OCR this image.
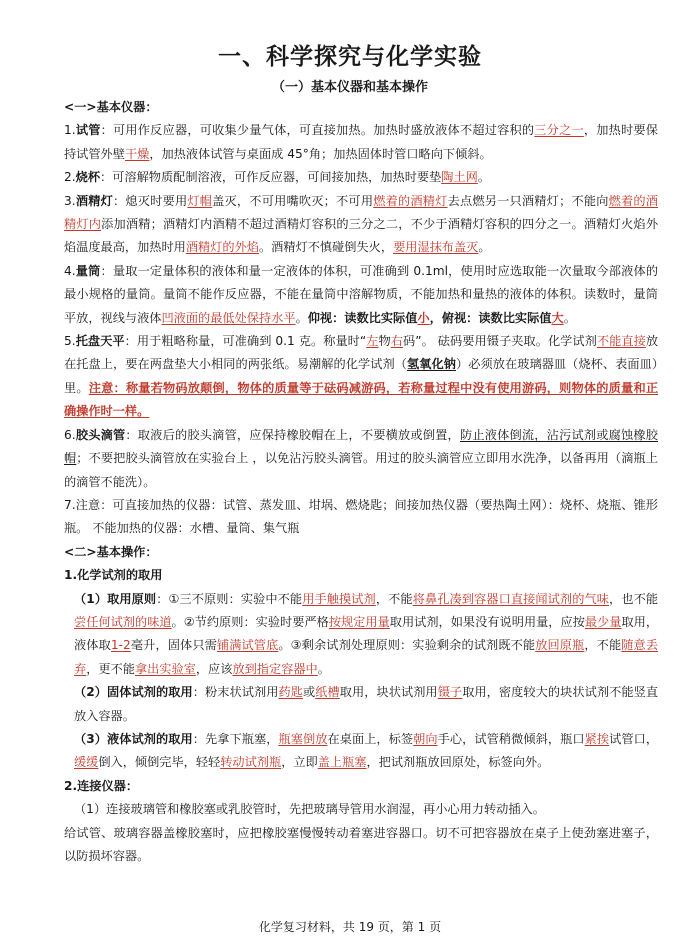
一、科学探究与化学实验
（一）基本仪器和基本操作

<一>基本仪器：

1.试管：可用作反应器，可收集少量气体，可直接加热。加热时盛放液体不超过容积的三分之一，加热时要保持试管外壁干燥，加热液体试管与桌面成 45°角；加热固体时管口略向下倾斜。

2.烧杯：可溶解物质配制溶液，可作反应器，可间接加热，加热时要垫陶土网。

3.酒精灯：熄灭时要用灯帽盖灭，不可用嘴吹灭；不可用燃着的酒精灯去点燃另一只酒精灯；不能向燃着的酒精灯内添加酒精；酒精灯内酒精不超过酒精灯容积的三分之二，不少于酒精灯容积的四分之一。酒精灯火焰外焰温度最高，加热时用酒精灯的外焰。酒精灯不慎碰倒失火，要用湿抹布盖灭。

4.量筒：量取一定量体积的液体和量一定液体的体积，可准确到 0.1ml，使用时应选取能一次量取今部液体的最小规格的量筒。量筒不能作反应器，不能在量筒中溶解物质，不能加热和量热的液体的体积。读数时，量筒平放，视线与液体凹液面的最低处保持水平。仰视：读数比实际值小，俯视：读数比实际值大。

5.托盘天平：用于粗略称量，可准确到 0.1 克。称量时“左物右码”。 砝码要用镊子夹取。化学试剂不能直接放在托盘上，要在两盘垫大小相同的两张纸。易潮解的化学试剂（氢氧化钠）必须放在玻璃器皿（烧杯、表面皿）里。注意：称量若物码放颠倒，物体的质量等于砝码减游码，若称量过程中没有使用游码，则物体的质量和正确操作时一样。

6.胶头滴管：取液后的胶头滴管，应保持橡胶帽在上，不要横放或倒置，防止液体倒流，沾污试剂或腐蚀橡胶帽；不要把胶头滴管放在实验台上 ，以免沾污胶头滴管。用过的胶头滴管应立即用水洗净，以备再用（滴瓶上的滴管不能洗）。

7.注意：可直接加热的仪器：试管、蒸发皿、坩埚、燃烧匙；间接加热仪器（要热陶土网）：烧杯、烧瓶、锥形瓶。 不能加热的仪器：水槽、量筒、集气瓶

<二>基本操作：

1.化学试剂的取用

（1）取用原则：①三不原则：实验中不能用手触摸试剂，不能将鼻孔凑到容器口直接闻试剂的气味，也不能尝任何试剂的味道。②节约原则：实验时要严格按规定用量取用试剂，如果没有说明用量，应按最少量取用，液体取1-2毫升，固体只需铺满试管底。③剩余试剂处理原则：实验剩余的试剂既不能放回原瓶，不能随意丢弃，更不能拿出实验室，应该放到指定容器中。

（2）固体试剂的取用：粉末状试剂用药匙或纸槽取用，块状试剂用镊子取用，密度较大的块状试剂不能竖直放入容器。

（3）液体试剂的取用：先拿下瓶塞，瓶塞倒放在桌面上，标签朝向手心，试管稍微倾斜，瓶口紧挨试管口，缓缓倒入，倾倒完毕，轻轻转动试剂瓶，立即盖上瓶塞，把试剂瓶放回原处，标签向外。

2.连接仪器：

（1）连接玻璃管和橡胶塞或乳胶管时，先把玻璃导管用水润湿，再小心用力转动插入。

给试管、玻璃容器盖橡胶塞时，应把橡胶塞慢慢转动着塞进容器口。切不可把容器放在桌子上使劲塞进塞子，以防损坏容器。

化学复习材料，共 19 页，第 1 页
